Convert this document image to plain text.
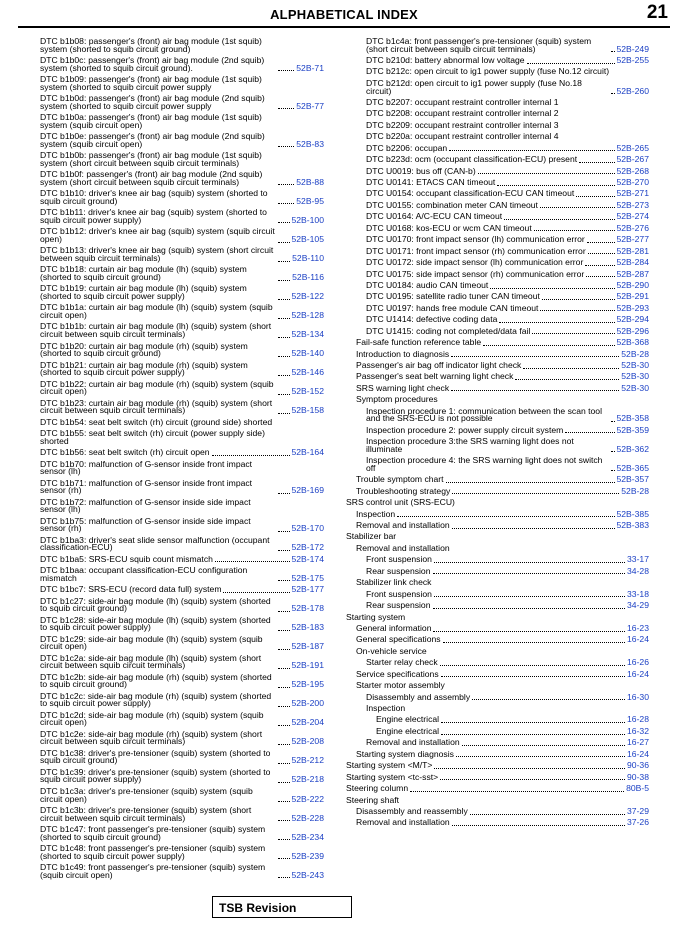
ALPHABETICAL INDEX	21
DTC b1b08: passenger's (front) air bag module (1st squib) system (shorted to squib circuit ground)
DTC b1b0c: passenger's (front) air bag module (2nd squib) system (shorted to squib circuit ground).	52B-71
DTC b1b09: passenger's (front) air bag module (1st squib) system (shorted to squib circuit power supply
DTC b1b0d: passenger's (front) air bag module (2nd squib) system (shorted to squib circuit power supply	52B-77
DTC b1b0a: passenger's (front) air bag module (1st squib) system (squib circuit open)
DTC b1b0e: passenger's (front) air bag module (2nd squib) system (squib circuit open)	52B-83
DTC b1b0b: passenger's (front) air bag module (1st squib) system (short circuit between squib circuit terminals)
DTC b1b0f: passenger's (front) air bag module (2nd squib) system (short circuit between squib circuit terminals)	52B-88
DTC b1b10: driver's knee air bag (squib) system (shorted to squib circuit ground)	52B-95
DTC b1b11: driver's knee air bag (squib) system (shorted to squib circuit power supply)	52B-100
DTC b1b12: driver's knee air bag (squib) system (squib circuit open)	52B-105
DTC b1b13: driver's knee air bag (squib) system (short circuit between squib circuit terminals)	52B-110
DTC b1b18: curtain air bag module (lh) (squib) system (shorted to squib circuit ground)	52B-116
DTC b1b19: curtain air bag module (lh) (squib) system (shorted to squib circuit power supply)	52B-122
DTC b1b1a: curtain air bag module (lh) (squib) system (squib circuit open)	52B-128
DTC b1b1b: curtain air bag module (lh) (squib) system (short circuit between squib circuit terminals)	52B-134
DTC b1b20: curtain air bag module (rh) (squib) system (shorted to squib circuit ground)	52B-140
DTC b1b21: curtain air bag module (rh) (squib) system (shorted to squib circuit power supply)	52B-146
DTC b1b22: curtain air bag module (rh) (squib) system (squib circuit open)	52B-152
DTC b1b23: curtain air bag module (rh) (squib) system (short circuit between squib circuit terminals)	52B-158
DTC b1b54: seat belt switch (rh) circuit (ground side) shorted
DTC b1b55: seat belt switch (rh) circuit (power supply side) shorted
DTC b1b56: seat belt switch (rh) circuit open	52B-164
DTC b1b70: malfunction of G-sensor inside front impact sensor (lh)
DTC b1b71: malfunction of G-sensor inside front impact sensor (rh)	52B-169
DTC b1b72: malfunction of G-sensor inside side impact sensor (lh)
DTC b1b75: malfunction of G-sensor inside side impact sensor (rh)	52B-170
DTC b1ba3: driver's seat slide sensor malfunction (occupant classification-ECU)	52B-172
DTC b1ba5: SRS-ECU squib count mismatch	52B-174
DTC b1baa: occupant classification-ECU configuration mismatch	52B-175
DTC b1bc7: SRS-ECU (record data full) system	52B-177
DTC b1c27: side-air bag module (lh) (squib) system (shorted to squib circuit ground)	52B-178
DTC b1c28: side-air bag module (lh) (squib) system (shorted to squib circuit power supply)	52B-183
DTC b1c29: side-air bag module (lh) (squib) system (squib circuit open)	52B-187
DTC b1c2a: side-air bag module (lh) (squib) system (short circuit between squib circuit terminals)	52B-191
DTC b1c2b: side-air bag module (rh) (squib) system (shorted to squib circuit ground)	52B-195
DTC b1c2c: side-air bag module (rh) (squib) system (shorted to squib circuit power supply)	52B-200
DTC b1c2d: side-air bag module (rh) (squib) system (squib circuit open)	52B-204
DTC b1c2e: side-air bag module (rh) (squib) system (short circuit between squib circuit terminals)	52B-208
DTC b1c38: driver's pre-tensioner (squib) system (shorted to squib circuit ground)	52B-212
DTC b1c39: driver's pre-tensioner (squib) system (shorted to squib circuit power supply)	52B-218
DTC b1c3a: driver's pre-tensioner (squib) system (squib circuit open)	52B-222
DTC b1c3b: driver's pre-tensioner (squib) system (short circuit between squib circuit terminals)	52B-228
DTC b1c47: front passenger's pre-tensioner (squib) system (shorted to squib circuit ground)	52B-234
DTC b1c48: front passenger's pre-tensioner (squib) system (shorted to squib circuit power supply)	52B-239
DTC b1c49: front passenger's pre-tensioner (squib) system (squib circuit open)	52B-243
DTC b1c4a: front passenger's pre-tensioner (squib) system (short circuit between squib circuit terminals)	52B-249
DTC b210d: battery abnormal low voltage	52B-255
DTC b212c: open circuit to ig1 power supply (fuse No.12 circuit)
DTC b212d: open circuit to ig1 power supply (fuse No.18 circuit)	52B-260
DTC b2207: occupant restraint controller internal 1
DTC b2208: occupant restraint controller internal 2
DTC b2209: occupant restraint controller internal 3
DTC b220a: occupant restraint controller internal 4
DTC b2206: occupan	52B-265
DTC b223d: ocm (occupant classification-ECU) present	52B-267
DTC U0019: bus off (CAN-b)	52B-268
DTC U0141: ETACS CAN timeout	52B-270
DTC U0154: occupant classification-ECU CAN timeout	52B-271
DTC U0155: combination meter CAN timeout	52B-273
DTC U0164: A/C-ECU CAN timeout	52B-274
DTC U0168: kos-ECU or wcm CAN timeout	52B-276
DTC U0170: front impact sensor (lh) communication error	52B-277
DTC U0171: front impact sensor (rh) communication error	52B-281
DTC U0172: side impact sensor (lh) communication error	52B-284
DTC U0175: side impact sensor (rh) communication error	52B-287
DTC U0184: audio CAN timeout	52B-290
DTC U0195: satellite radio tuner CAN timeout	52B-291
DTC U0197: hands free module CAN timeout	52B-293
DTC U1414: defective coding data	52B-294
DTC U1415: coding not completed/data fail	52B-296
Fail-safe function reference table	52B-368
Introduction to diagnosis	52B-28
Passenger's air bag off indicator light check	52B-30
Passenger's seat belt warning light check	52B-30
SRS warning light check	52B-30
Symptom procedures
Inspection procedure 1: communication between the scan tool and the SRS-ECU is not possible	52B-358
Inspection procedure 2: power supply circuit system	52B-359
Inspection procedure 3:the SRS warning light does not illuminate	52B-362
Inspection procedure 4: the SRS warning light does not switch off	52B-365
Trouble symptom chart	52B-357
Troubleshooting strategy	52B-28
SRS control unit (SRS-ECU)
Inspection	52B-385
Removal and installation	52B-383
Stabilizer bar
Removal and installation
Front suspension	33-17
Rear suspension	34-28
Stabilizer link check
Front suspension	33-18
Rear suspension	34-29
Starting system
General information	16-23
General specifications	16-24
On-vehicle service
Starter relay check	16-26
Service specifications	16-24
Starter motor assembly
Disassembly and assembly	16-30
Inspection
Engine electrical	16-28
Engine electrical	16-32
Removal and installation	16-27
Starting system diagnosis	16-24
Starting system <M/T>	90-36
Starting system <tc-sst>	90-38
Steering column	80B-5
Steering shaft
Disassembly and reassembly	37-29
Removal and installation	37-26
TSB Revision
